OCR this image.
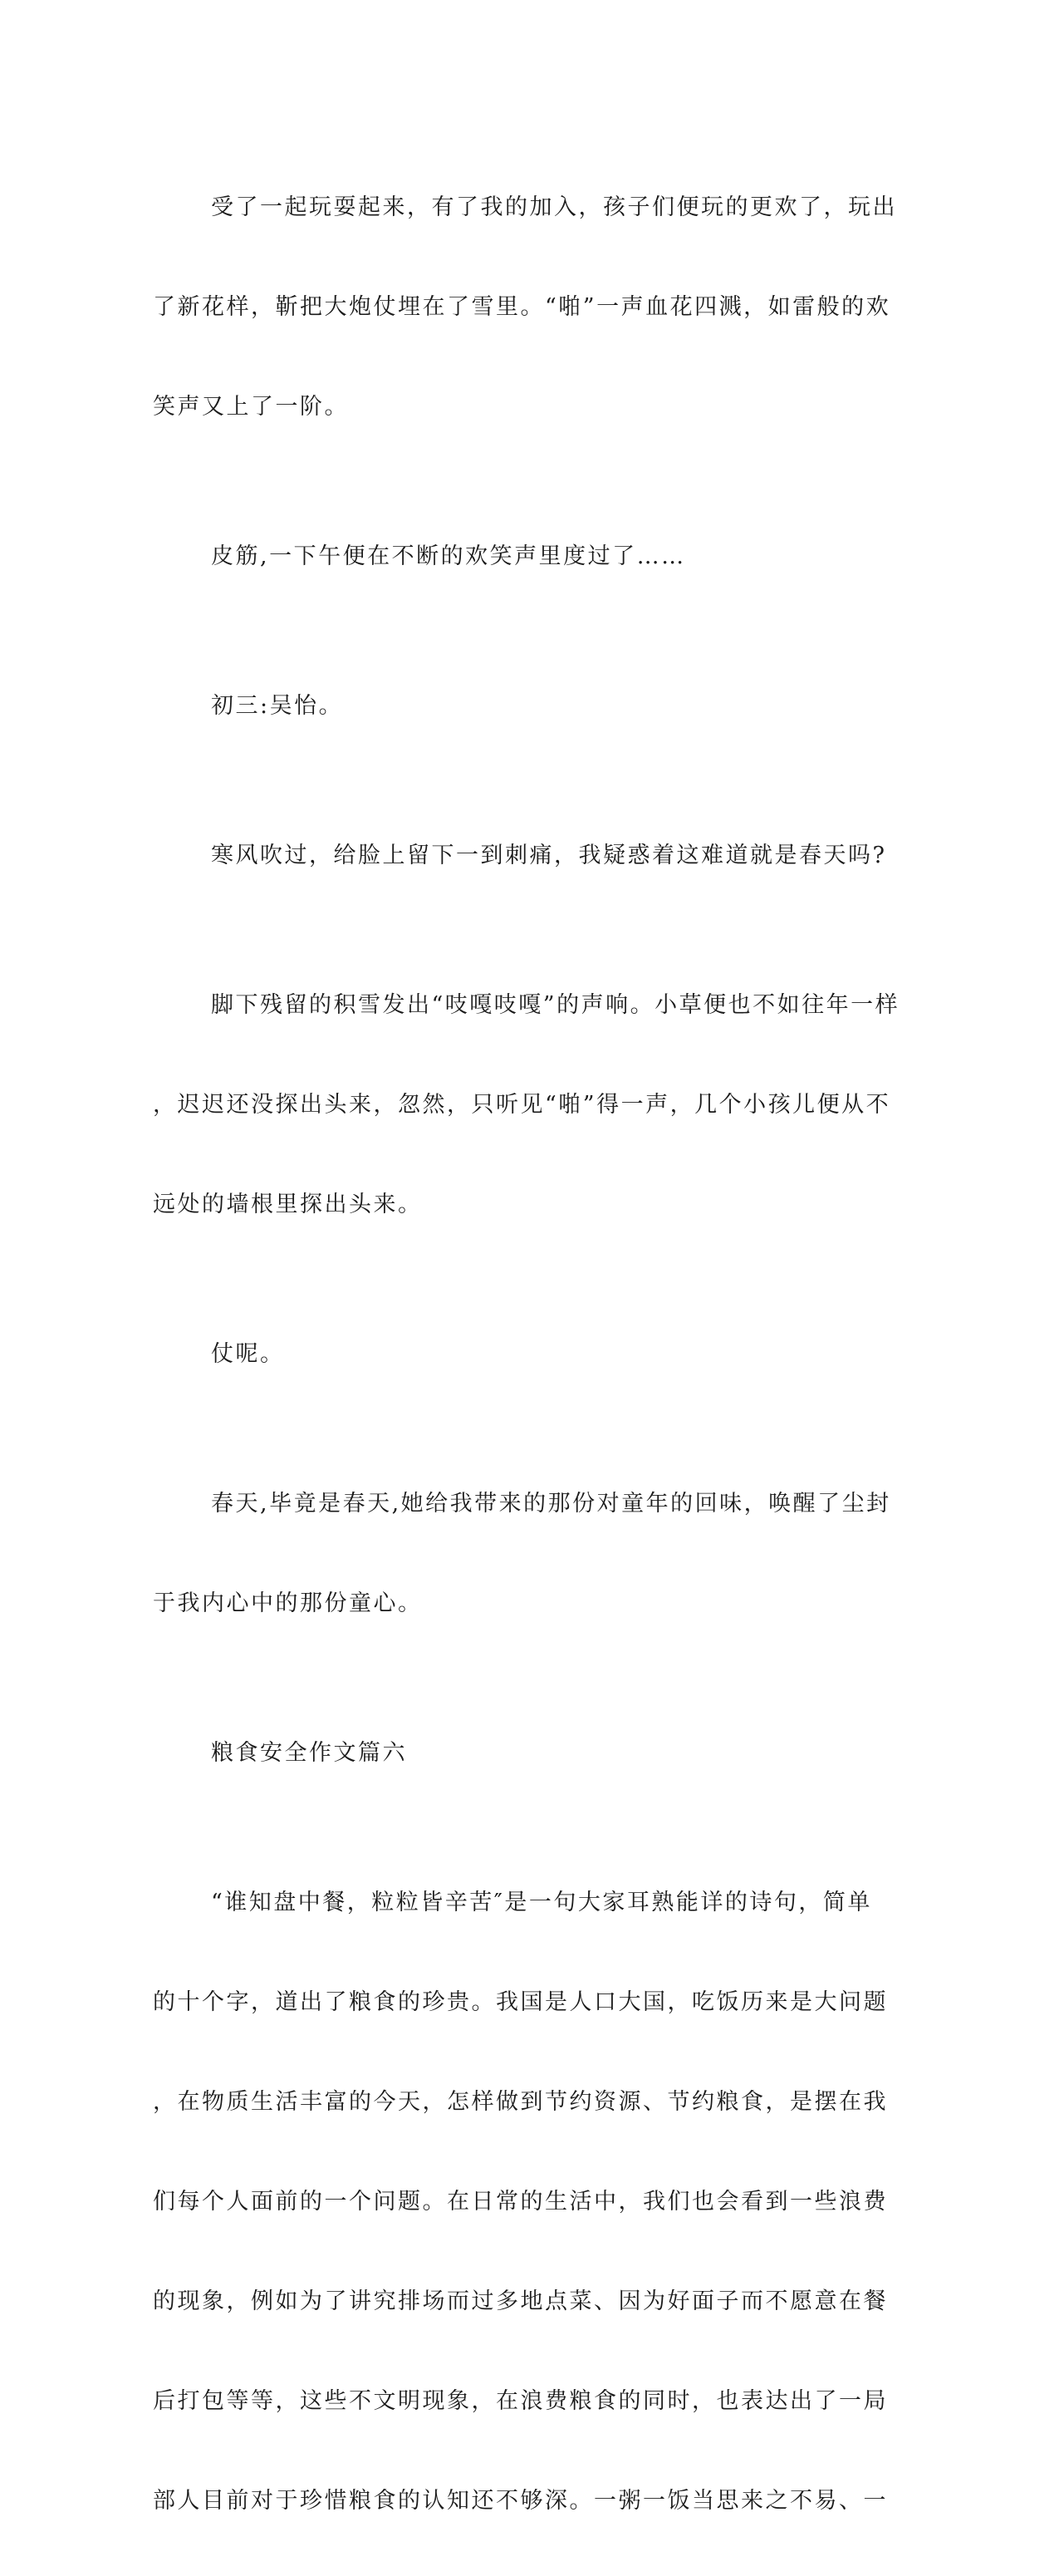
受了一起玩耍起来，有了我的加入，孩子们便玩的更欢了，玩出

了新花样，靳把大炮仗埋在了雪里。“啪”一声血花四溅，如雷般的欢

笑声又上了一阶。

皮筋,一下午便在不断的欢笑声里度过了……

初三:吴怡。

寒风吹过，给脸上留下一到刺痛，我疑惑着这难道就是春天吗?

脚下残留的积雪发出“吱嘎吱嘎”的声响。小草便也不如往年一样

，迟迟还没探出头来，忽然，只听见“啪”得一声，几个小孩儿便从不

远处的墙根里探出头来。

仗呢。

春天,毕竟是春天,她给我带来的那份对童年的回味，唤醒了尘封

于我内心中的那份童心。

粮食安全作文篇六

“谁知盘中餐，粒粒皆辛苦″是一句大家耳熟能详的诗句，简单

的十个字，道出了粮食的珍贵。我国是人口大国，吃饭历来是大问题

，在物质生活丰富的今天，怎样做到节约资源、节约粮食，是摆在我

们每个人面前的一个问题。在日常的生活中，我们也会看到一些浪费

的现象，例如为了讲究排场而过多地点菜、因为好面子而不愿意在餐

后打包等等，这些不文明现象，在浪费粮食的同时，也表达出了一局

部人目前对于珍惜粮食的认知还不够深。一粥一饭当思来之不易、一
